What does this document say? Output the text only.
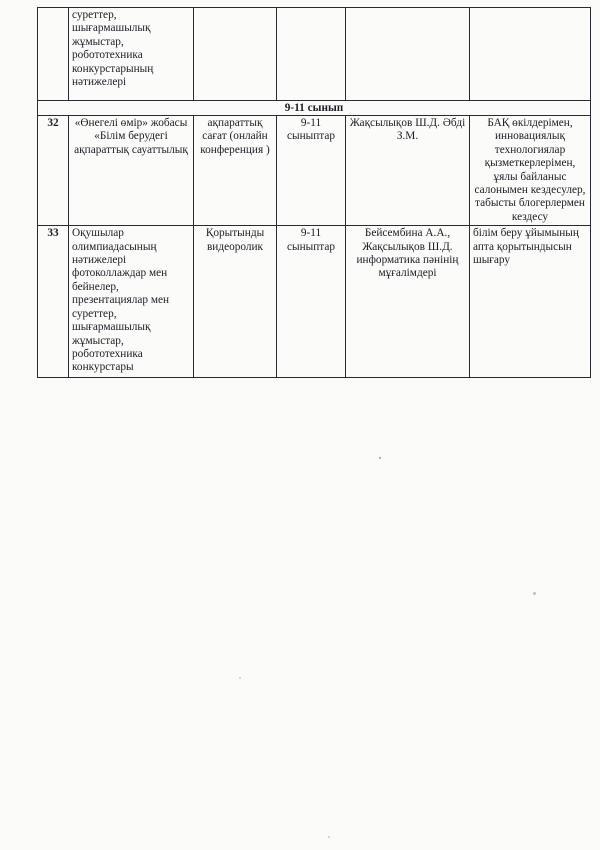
	суреттер, шығармашылық жұмыстар, робототехника конкурстарының нәтижелері				
9-11 сынып					
32	«Өнегелі өмір» жобасы «Білім берудегі ақпараттық сауаттылық	ақпараттық сағат (онлайн конференция )	9-11 сыныптар	Жақсылықов Ш.Д. Әбді З.М.	БАҚ өкілдерімен, инновациялық технологиялар қызметкерлерімен, ұялы байланыс салонымен кездесулер, табысты блогерлермен кездесу
33	Оқушылар олимпиадасының нәтижелері фотоколлаждар мен бейнелер, презентациялар мен суреттер, шығармашылық жұмыстар, робототехника конкурстары	Қорытынды видеоролик	9-11 сыныптар	Бейсембина А.А., Жақсылықов Ш.Д. информатика пәнінің мұғалімдері	білім беру ұйымының апта қорытындысын шығару
